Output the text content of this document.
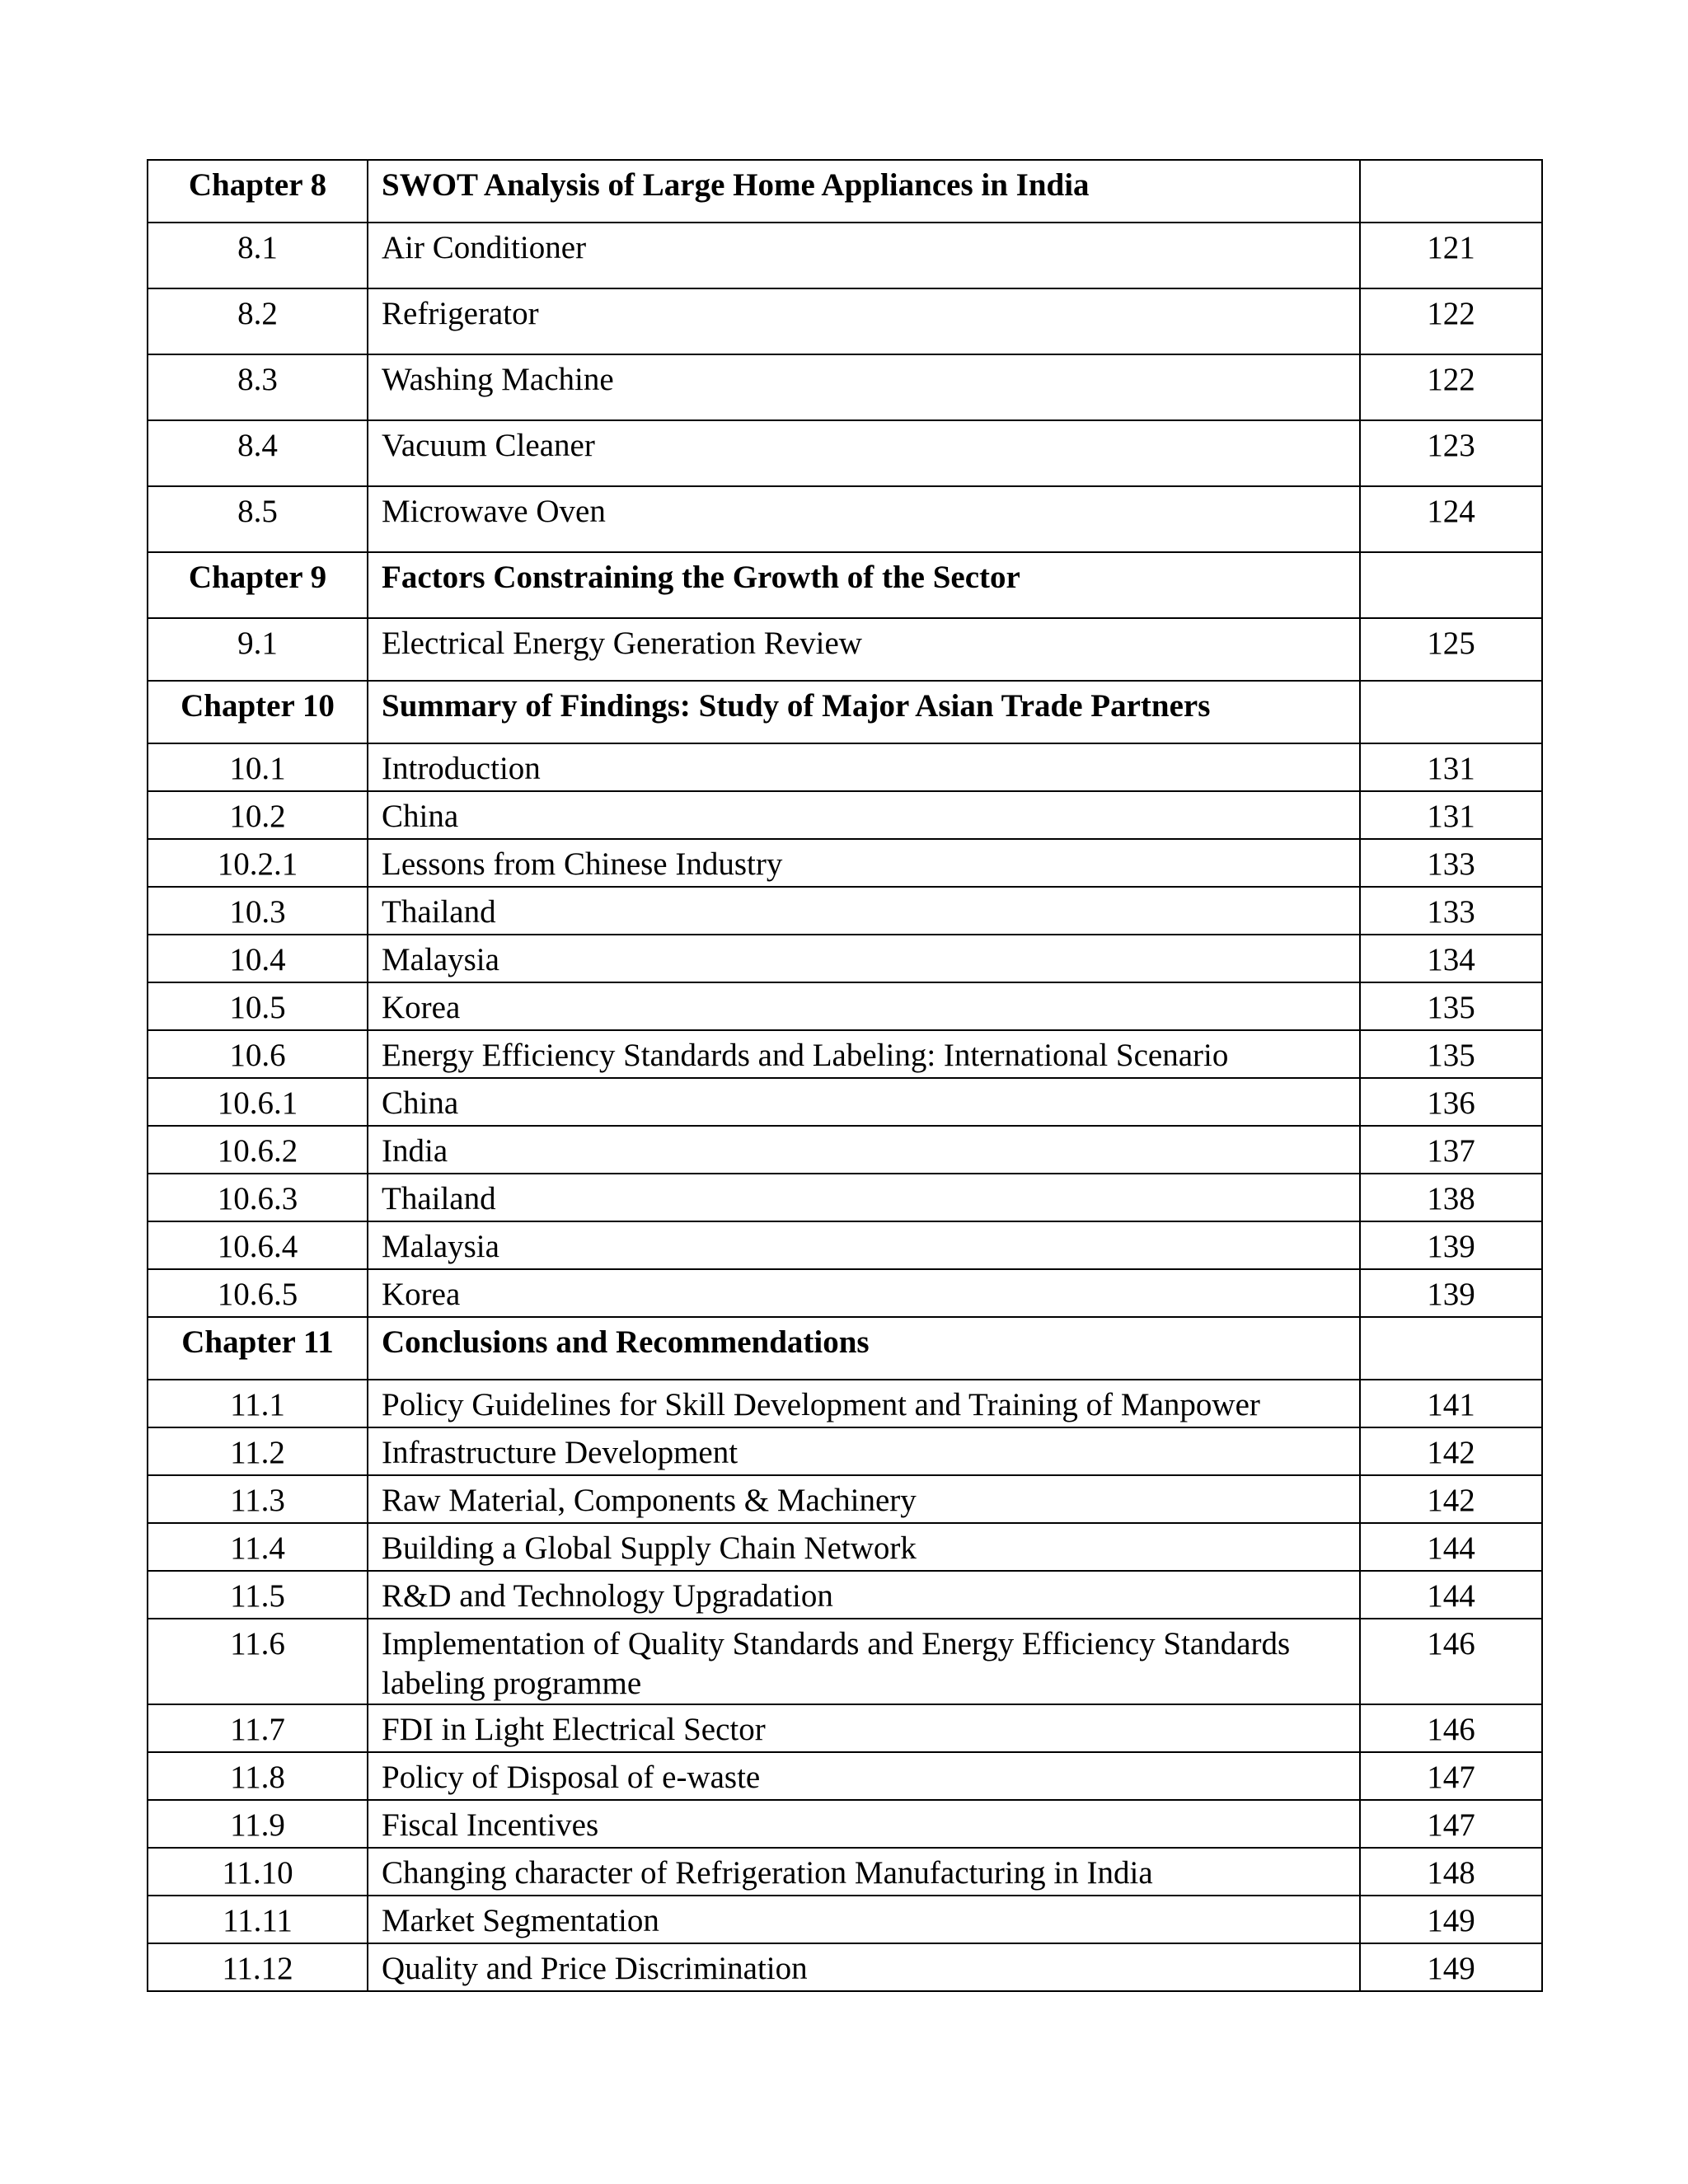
Chapter 8	SWOT Analysis of Large Home Appliances in India	
8.1	Air Conditioner	121
8.2	Refrigerator	122
8.3	Washing Machine	122
8.4	Vacuum Cleaner	123
8.5	Microwave Oven	124
Chapter 9	Factors Constraining the Growth of the Sector	
9.1	Electrical Energy Generation Review	125
Chapter 10	Summary of Findings: Study of Major Asian Trade Partners	
10.1	Introduction	131
10.2	China	131
10.2.1	Lessons from Chinese Industry	133
10.3	Thailand	133
10.4	Malaysia	134
10.5	Korea	135
10.6	Energy Efficiency Standards and Labeling: International Scenario	135
10.6.1	China	136
10.6.2	India	137
10.6.3	Thailand	138
10.6.4	Malaysia	139
10.6.5	Korea	139
Chapter 11	Conclusions and Recommendations	
11.1	Policy Guidelines for Skill Development and Training of Manpower	141
11.2	Infrastructure Development	142
11.3	Raw Material, Components & Machinery	142
11.4	Building a Global Supply Chain Network	144
11.5	R&D and Technology Upgradation	144
11.6	Implementation of Quality Standards and Energy Efficiency Standards labeling programme	146
11.7	FDI in Light Electrical Sector	146
11.8	Policy of Disposal of e-waste	147
11.9	Fiscal Incentives	147
11.10	Changing character of Refrigeration Manufacturing in India	148
11.11	Market Segmentation	149
11.12	Quality and Price Discrimination	149
